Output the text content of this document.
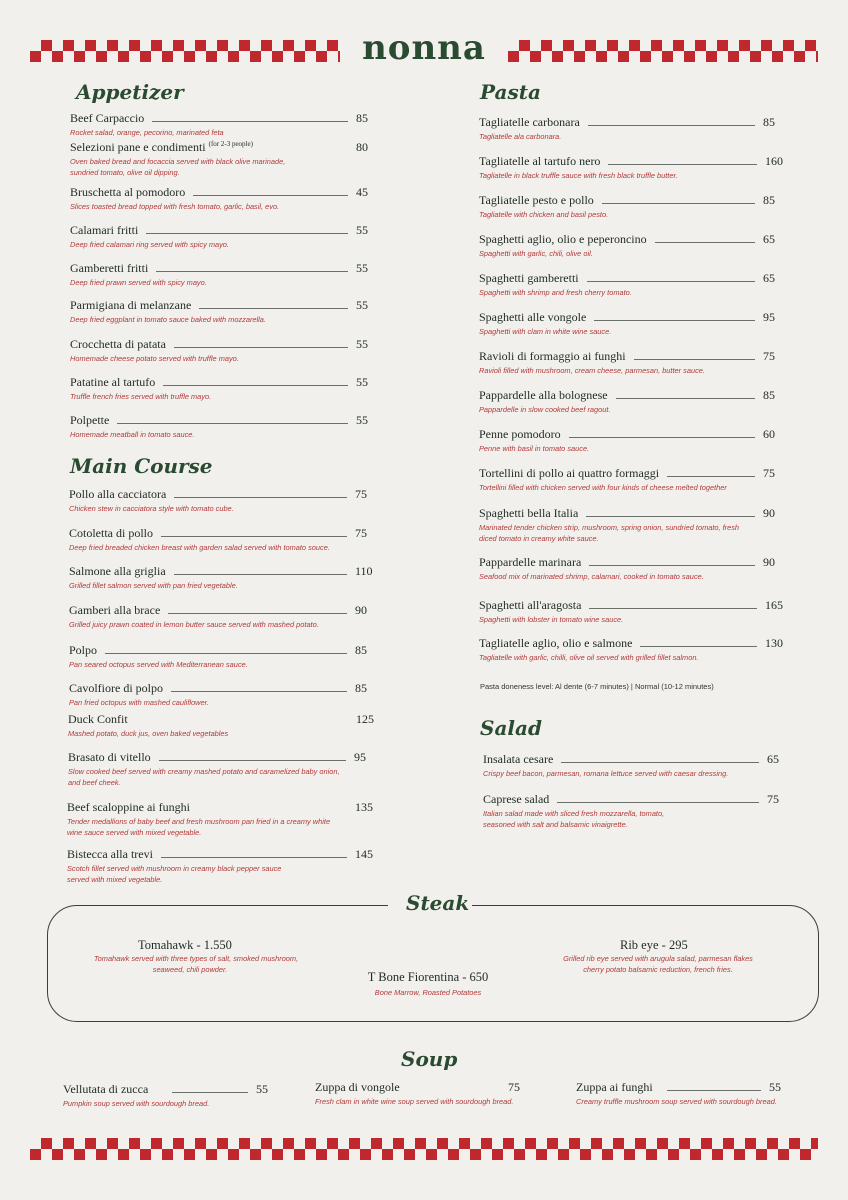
nonna
Appetizer
Beef Carpaccio	85
Rocket salad, orange, pecorino, marinated feta
Selezioni pane e condimenti $^{(for 2-3 people)}$	80
Oven baked bread and focaccia served with black olive marinade,
sundried tomato, olive oil dipping.
Bruschetta al pomodoro	45
Slices toasted bread topped with fresh tomato, garlic, basil, evo.
Calamari fritti	55
Deep fried calamari ring served with spicy mayo.
Gamberetti fritti	55
Deep fried prawn served with spicy mayo.
Parmigiana di melanzane	55
Deep fried eggplant in tomato sauce baked with mozzarella.
Crocchetta di patata	55
Homemade cheese potato served with truffle mayo.
Patatine al tartufo	55
Truffle french fries served with truffle mayo.
Polpette	55
Homemade meatball in tomato sauce.
Main Course
Pollo alla cacciatora	75
Chicken stew in cacciatora style with tomato cube.
Cotoletta di pollo	75
Deep fried breaded chicken breast with garden salad served with tomato souce.
Salmone alla griglia	110
Grilled fillet salmon served with pan fried vegetable.
Gamberi alla brace	90
Grilled juicy prawn coated in lemon butter sauce served with mashed potato.
Polpo	85
Pan seared octopus served with Mediterranean sauce.
Cavolfiore di polpo	85
Pan fried octopus with mashed cauliflower.
Duck Confit	125
Mashed potato, duck jus, oven baked vegetables
Brasato di vitello	95
Slow cooked beef served with creamy mashed potato and caramelized baby onion,
and beef cheek.
Beef scaloppine ai funghi	135
Tender medallions of baby beef and fresh mushroom pan fried in a creamy white
wine sauce served with mixed vegetable.
Bistecca alla trevi	145
Scotch fillet served with mushroom in creamy black pepper sauce
served with mixed vegetable.
Pasta
Tagliatelle carbonara	85
Tagliatelle ala carbonara.
Tagliatelle al tartufo nero	160
Tagliatelle in black truffle sauce with fresh black truffle butter.
Tagliatelle pesto e pollo	85
Tagliatelle with chicken and basil pesto.
Spaghetti aglio, olio e peperoncino	65
Spaghetti with garlic, chili, olive oil.
Spaghetti gamberetti	65
Spaghetti with shrimp and fresh cherry tomato.
Spaghetti alle vongole	95
Spaghetti with clam in white wine sauce.
Ravioli di formaggio ai funghi	75
Ravioli filled with mushroom, cream cheese, parmesan, butter sauce.
Pappardelle alla bolognese	85
Pappardelle in slow cooked beef ragout.
Penne pomodoro	60
Penne with basil in tomato sauce.
Tortellini di pollo ai quattro formaggi	75
Tortellini filled with chicken served with four kinds of cheese melted together
Spaghetti bella Italia	90
Marinated tender chicken strip, mushroom, spring onion, sundried tomato, fresh
diced tomato in creamy white sauce.
Pappardelle marinara	90
Seafood mix of marinated shrimp, calamari, cooked in tomato sauce.
Spaghetti all'aragosta	165
Spaghetti with lobster in tomato wine sauce.
Tagliatelle aglio, olio e salmone	130
Tagliatelle with garlic, chilli, olive oil served with grilled fillet salmon.
Pasta doneness level: Al dente (6-7 minutes) | Normal (10-12 minutes)
Salad
Insalata cesare	65
Crispy beef bacon, parmesan, romana lettuce served with caesar dressing.
Caprese salad	75
Italian salad made with sliced fresh mozzarella, tomato,
seasoned with salt and balsamic vinaigrette.
Steak
Tomahawk - 1.550
Tomahawk served with three types of salt, smoked mushroom,
seaweed, chili powder.
T Bone Fiorentina - 650
Bone Marrow, Roasted Potatoes
Rib eye - 295
Grilled rib eye served with arugula salad, parmesan flakes
cherry potato balsamic reduction, french fries.
Soup
Vellutata di zucca	55
Pumpkin soup served with sourdough bread.
Zuppa di vongole	75
Fresh clam in white wine soup served with sourdough bread.
Zuppa ai funghi	55
Creamy truffle mushroom soup served with sourdough bread.
